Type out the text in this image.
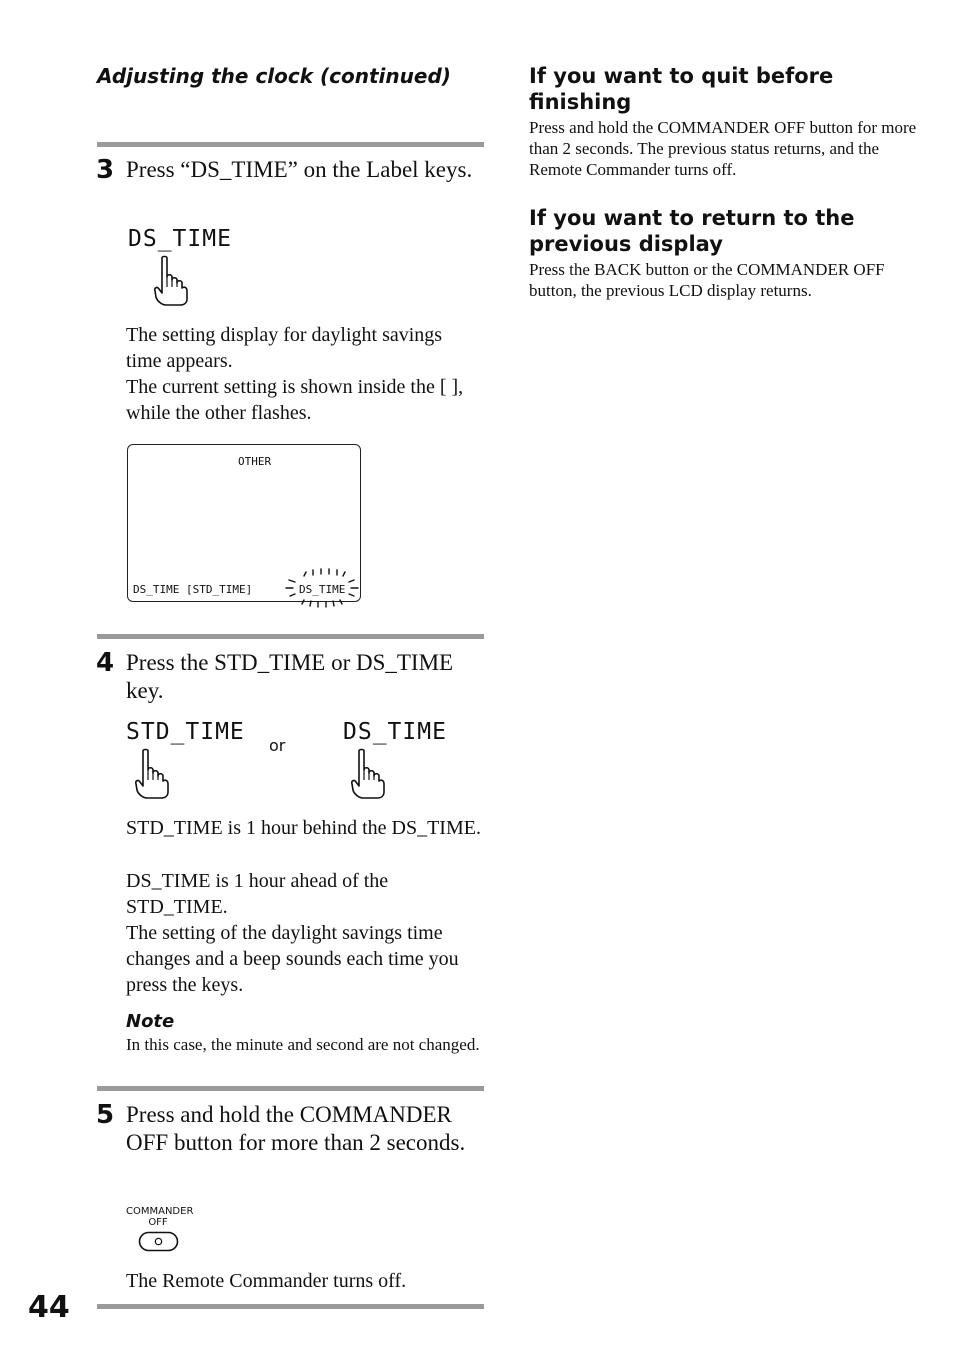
Adjusting the clock (continued)
3 Press “DS_TIME” on the Label keys.
DS_TIME
The setting display for daylight savings time appears.
The current setting is shown inside the [ ], while the other flashes.
OTHER
DS_TIME [STD_TIME]	DS_TIME
4 Press the STD_TIME or DS_TIME key.
STD_TIME
or
DS_TIME
STD_TIME is 1 hour behind the DS_TIME.
DS_TIME is 1 hour ahead of the STD_TIME.
The setting of the daylight savings time changes and a beep sounds each time you press the keys.
Note
In this case, the minute and second are not changed.
5 Press and hold the COMMANDER OFF button for more than 2 seconds.
COMMANDER
OFF
The Remote Commander turns off.
44
If you want to quit before finishing
Press and hold the COMMANDER OFF button for more than 2 seconds. The previous status returns, and the Remote Commander turns off.
If you want to return to the previous display
Press the BACK button or the COMMANDER OFF button, the previous LCD display returns.
